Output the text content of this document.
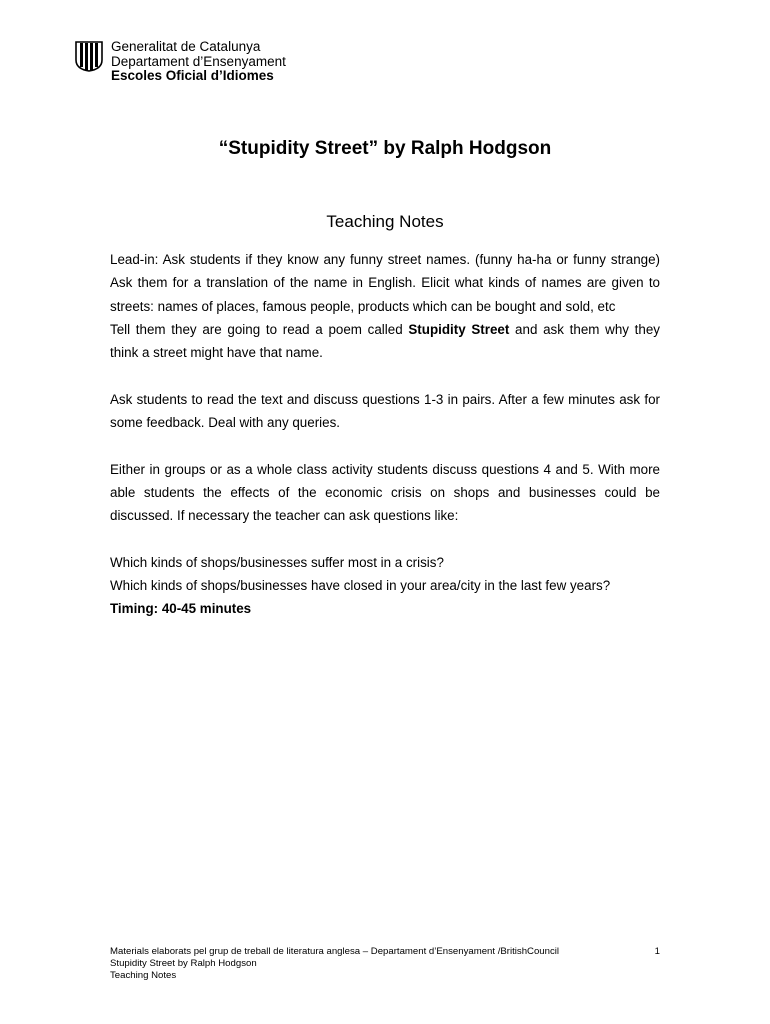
Generalitat de Catalunya
Departament d’Ensenyament
Escoles Oficial d’Idiomes
“Stupidity Street” by Ralph Hodgson
Teaching Notes

Lead-in: Ask students if they know any funny street names. (funny ha-ha or funny strange) Ask them for a translation of the name in English. Elicit what kinds of names are given to streets: names of places, famous people, products which can be bought and sold, etc

Tell them they are going to read a poem called Stupidity Street and ask them why they think a street might have that name.

Ask students to read the text and discuss questions 1-3 in pairs. After a few minutes ask for some feedback. Deal with any queries.

Either in groups or as a whole class activity students discuss questions 4 and 5. With more able students the effects of the economic crisis on shops and businesses could be discussed. If necessary the teacher can ask questions like:

Which kinds of shops/businesses suffer most in a crisis?

Which kinds of shops/businesses have closed in your area/city in the last few years?

Timing: 40-45 minutes

Materials elaborats pel grup de treball de literatura anglesa – Departament d’Ensenyament /BritishCouncil
Stupidity Street by Ralph Hodgson
Teaching Notes
1
